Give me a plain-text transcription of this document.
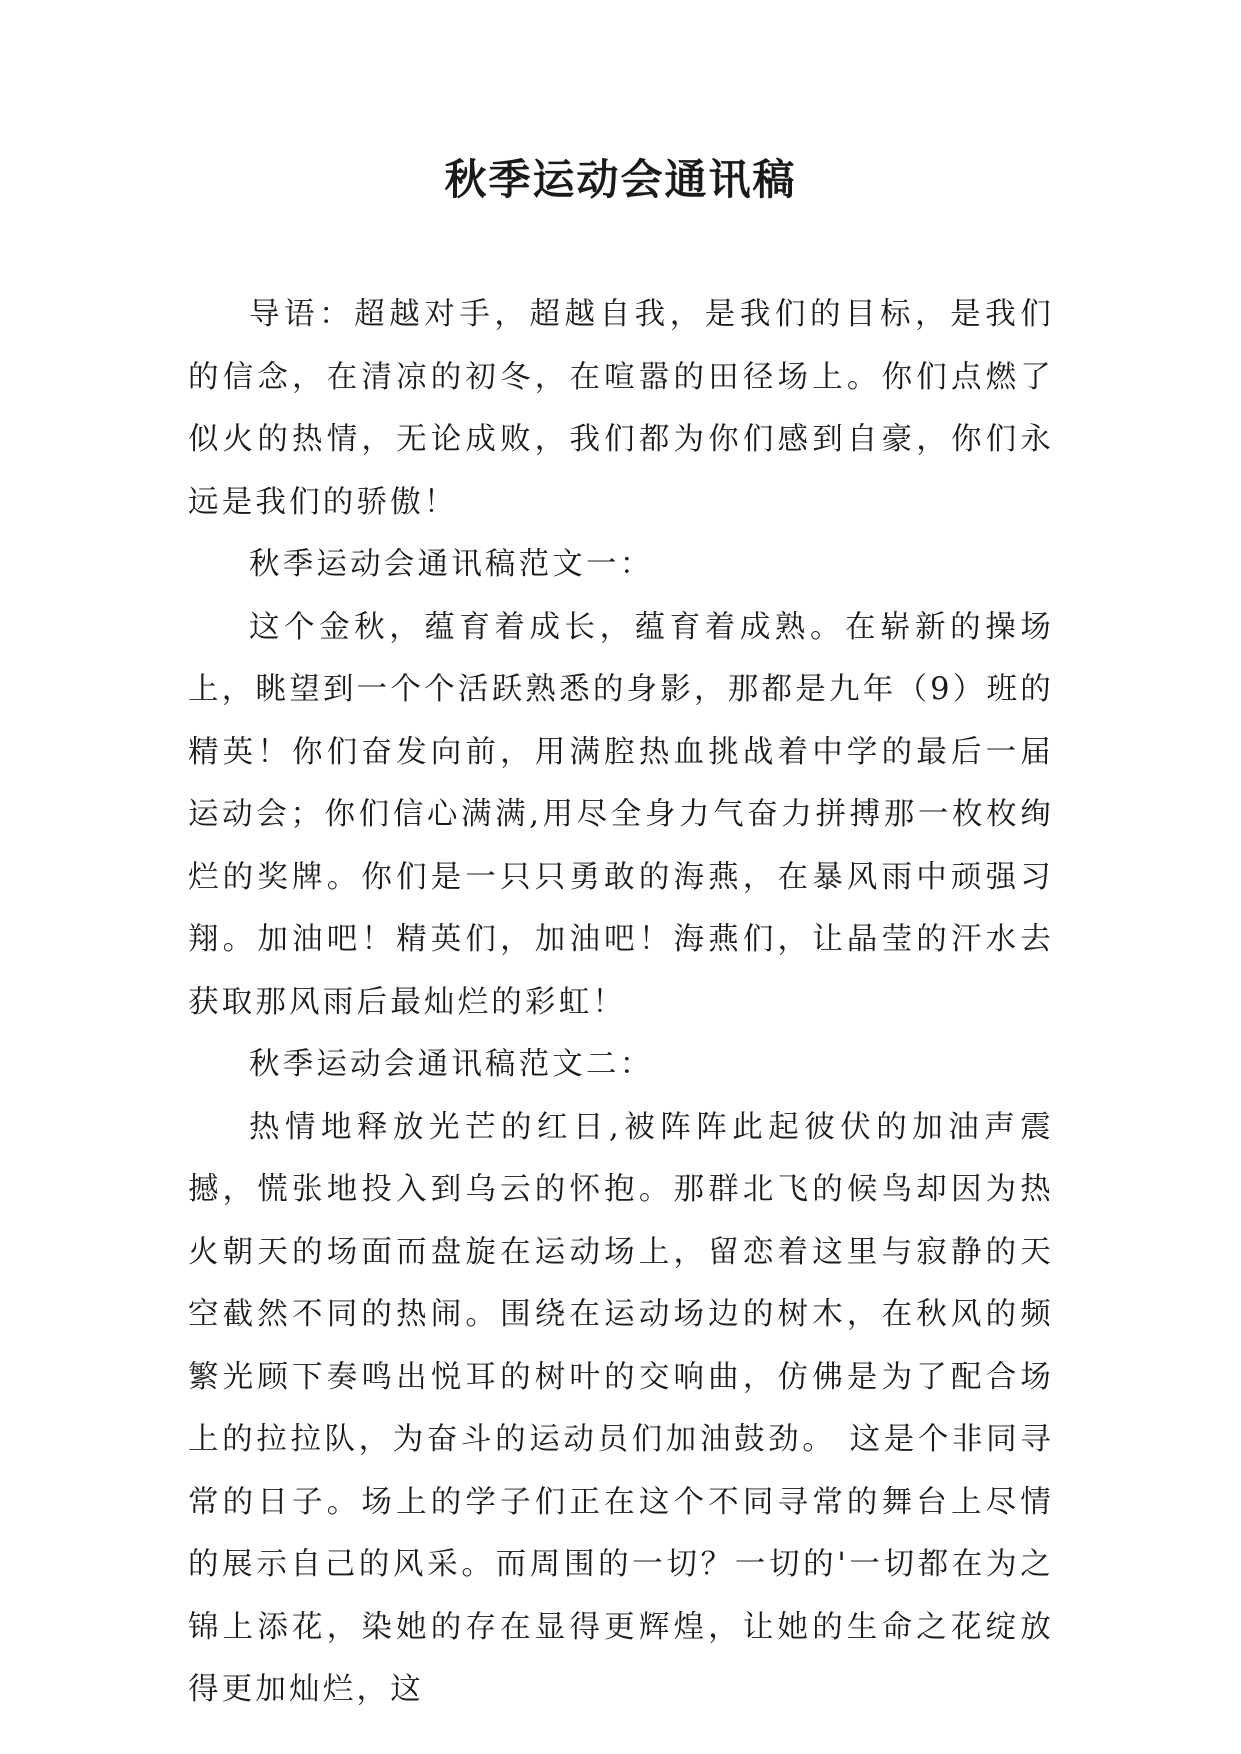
秋季运动会通讯稿

导语：超越对手，超越自我，是我们的目标，是我们的信念，在清凉的初冬，在喧嚣的田径场上。你们点燃了似火的热情，无论成败，我们都为你们感到自豪，你们永远是我们的骄傲！

秋季运动会通讯稿范文一：

这个金秋，蕴育着成长，蕴育着成熟。在崭新的操场上，眺望到一个个活跃熟悉的身影，那都是九年（9）班的精英！你们奋发向前，用满腔热血挑战着中学的最后一届运动会；你们信心满满,用尽全身力气奋力拼搏那一枚枚绚烂的奖牌。你们是一只只勇敢的海燕，在暴风雨中顽强习翔。加油吧！精英们，加油吧！海燕们，让晶莹的汗水去获取那风雨后最灿烂的彩虹！

秋季运动会通讯稿范文二：

热情地释放光芒的红日,被阵阵此起彼伏的加油声震撼，慌张地投入到乌云的怀抱。那群北飞的候鸟却因为热火朝天的场面而盘旋在运动场上，留恋着这里与寂静的天空截然不同的热闹。围绕在运动场边的树木，在秋风的频繁光顾下奏鸣出悦耳的树叶的交响曲，仿佛是为了配合场上的拉拉队，为奋斗的运动员们加油鼓劲。 这是个非同寻常的日子。场上的学子们正在这个不同寻常的舞台上尽情的展示自己的风采。而周围的一切？一切的'一切都在为之锦上添花，染她的存在显得更辉煌，让她的生命之花绽放得更加灿烂，这
